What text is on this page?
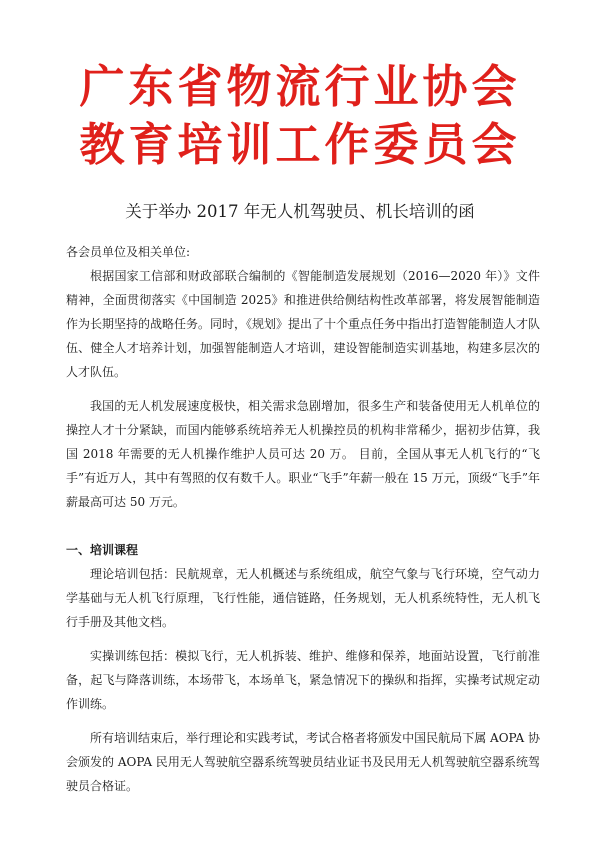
广东省物流行业协会
教育培训工作委员会
关于举办 2017 年无人机驾驶员、机长培训的函

各会员单位及相关单位:

根据国家工信部和财政部联合编制的《智能制造发展规划（2016—2020 年）》文件精神，全面贯彻落实《中国制造 2025》和推进供给侧结构性改革部署，将发展智能制造作为长期坚持的战略任务。同时，《规划》提出了十个重点任务中指出打造智能制造人才队伍、健全人才培养计划，加强智能制造人才培训，建设智能制造实训基地，构建多层次的人才队伍。

我国的无人机发展速度极快，相关需求急剧增加，很多生产和装备使用无人机单位的操控人才十分紧缺，而国内能够系统培养无人机操控员的机构非常稀少，据初步估算，我国 2018 年需要的无人机操作维护人员可达 20 万。 目前，全国从事无人机飞行的“飞手”有近万人，其中有驾照的仅有数千人。职业“飞手”年薪一般在 15 万元，顶级“飞手”年薪最高可达 50 万元。

一、培训课程

理论培训包括：民航规章，无人机概述与系统组成，航空气象与飞行环境，空气动力学基础与无人机飞行原理，飞行性能，通信链路，任务规划，无人机系统特性，无人机飞行手册及其他文档。

实操训练包括：模拟飞行，无人机拆装、维护、维修和保养，地面站设置，飞行前准备，起飞与降落训练，本场带飞，本场单飞，紧急情况下的操纵和指挥，实操考试规定动作训练。

所有培训结束后，举行理论和实践考试，考试合格者将颁发中国民航局下属 AOPA 协会颁发的 AOPA 民用无人驾驶航空器系统驾驶员结业证书及民用无人机驾驶航空器系统驾驶员合格证。
